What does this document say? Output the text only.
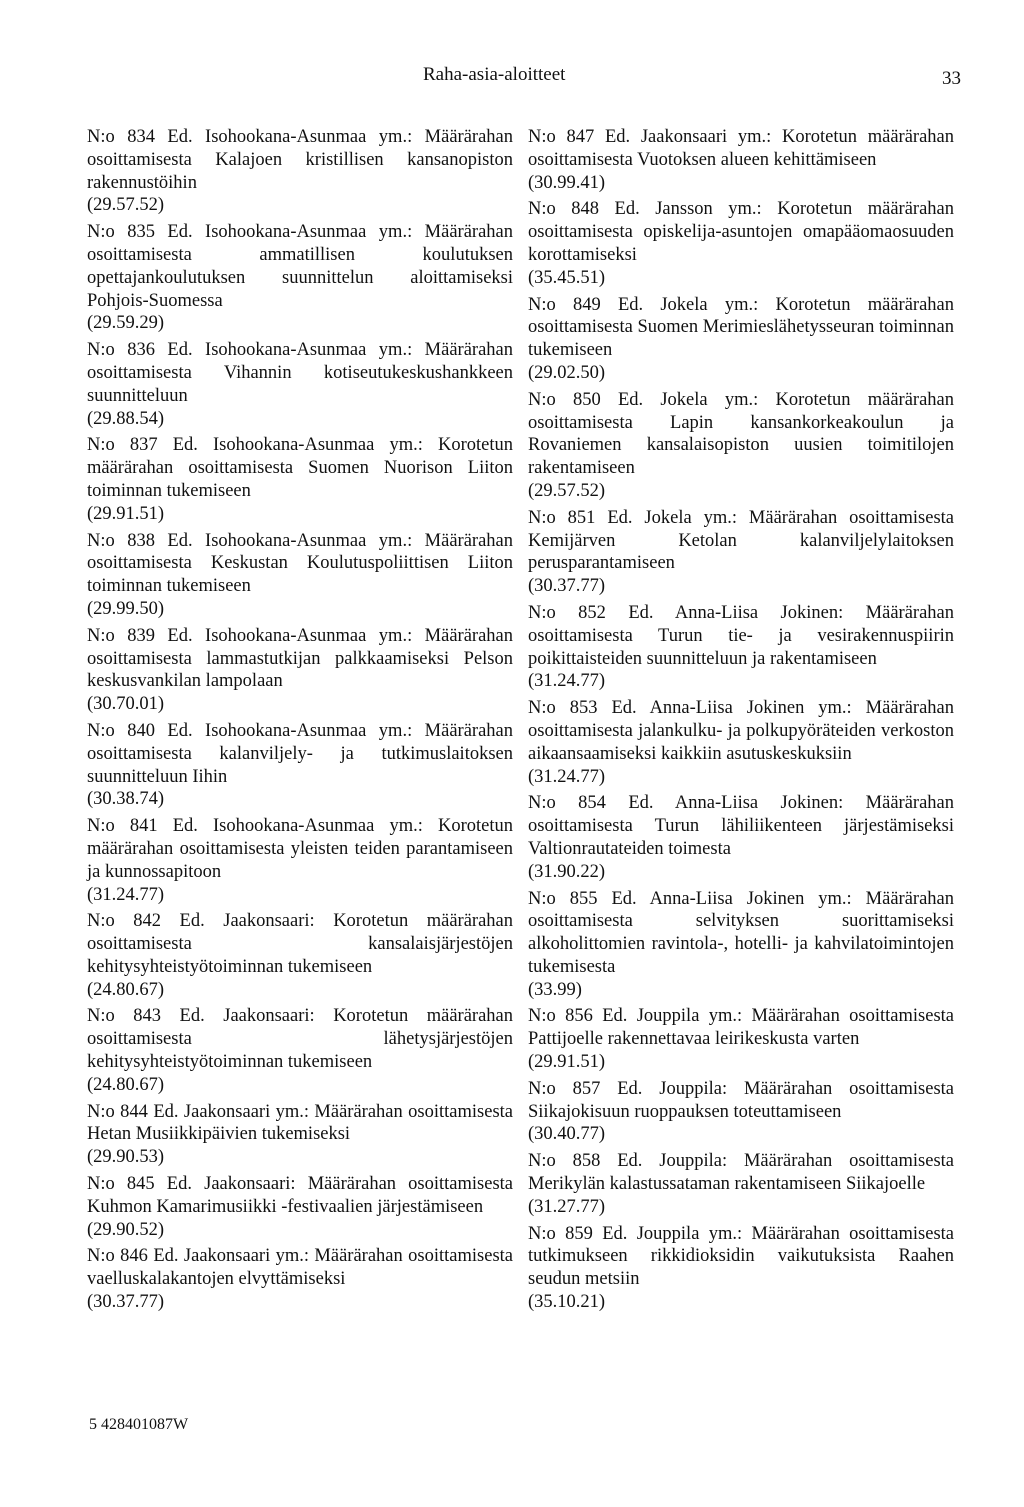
Raha-asia-aloitteet	33
N:o 834 Ed. Isohookana-Asunmaa ym.: Määrärahan osoittamisesta Kalajoen kristillisen kansanopiston rakennustöihin
(29.57.52)
N:o 835 Ed. Isohookana-Asunmaa ym.: Määrärahan osoittamisesta ammatillisen koulutuksen opettajankoulutuksen suunnittelun aloittamiseksi Pohjois-Suomessa
(29.59.29)
N:o 836 Ed. Isohookana-Asunmaa ym.: Määrärahan osoittamisesta Vihannin kotiseutukeskushankkeen suunnitteluun
(29.88.54)
N:o 837 Ed. Isohookana-Asunmaa ym.: Korotetun määrärahan osoittamisesta Suomen Nuorison Liiton toiminnan tukemiseen
(29.91.51)
N:o 838 Ed. Isohookana-Asunmaa ym.: Määrärahan osoittamisesta Keskustan Koulutuspoliittisen Liiton toiminnan tukemiseen
(29.99.50)
N:o 839 Ed. Isohookana-Asunmaa ym.: Määrärahan osoittamisesta lammastutkijan palkkaamiseksi Pelson keskusvankilan lampolaan
(30.70.01)
N:o 840 Ed. Isohookana-Asunmaa ym.: Määrärahan osoittamisesta kalanviljely- ja tutkimuslaitoksen suunnitteluun Iihin
(30.38.74)
N:o 841 Ed. Isohookana-Asunmaa ym.: Korotetun määrärahan osoittamisesta yleisten teiden parantamiseen ja kunnossapitoon
(31.24.77)
N:o 842 Ed. Jaakonsaari: Korotetun määrärahan osoittamisesta kansalaisjärjestöjen kehitysyhteistyötoiminnan tukemiseen
(24.80.67)
N:o 843 Ed. Jaakonsaari: Korotetun määrärahan osoittamisesta lähetysjärjestöjen kehitysyhteistyötoiminnan tukemiseen
(24.80.67)
N:o 844 Ed. Jaakonsaari ym.: Määrärahan osoittamisesta Hetan Musiikkipäivien tukemiseksi
(29.90.53)
N:o 845 Ed. Jaakonsaari: Määrärahan osoittamisesta Kuhmon Kamarimusiikki -festivaalien järjestämiseen
(29.90.52)
N:o 846 Ed. Jaakonsaari ym.: Määrärahan osoittamisesta vaelluskalakantojen elvyttämiseksi
(30.37.77)
N:o 847 Ed. Jaakonsaari ym.: Korotetun määrärahan osoittamisesta Vuotoksen alueen kehittämiseen
(30.99.41)
N:o 848 Ed. Jansson ym.: Korotetun määrärahan osoittamisesta opiskelija-asuntojen omapääomaosuuden korottamiseksi
(35.45.51)
N:o 849 Ed. Jokela ym.: Korotetun määrärahan osoittamisesta Suomen Merimieslähetysseuran toiminnan tukemiseen
(29.02.50)
N:o 850 Ed. Jokela ym.: Korotetun määrärahan osoittamisesta Lapin kansankorkeakoulun ja Rovaniemen kansalaisopiston uusien toimitilojen rakentamiseen
(29.57.52)
N:o 851 Ed. Jokela ym.: Määrärahan osoittamisesta Kemijärven Ketolan kalanviljelylaitoksen perusparantamiseen
(30.37.77)
N:o 852 Ed. Anna-Liisa Jokinen: Määrärahan osoittamisesta Turun tie- ja vesirakennuspiirin poikittaisteiden suunnitteluun ja rakentamiseen
(31.24.77)
N:o 853 Ed. Anna-Liisa Jokinen ym.: Määrärahan osoittamisesta jalankulku- ja polkupyöräteiden verkoston aikaansaamiseksi kaikkiin asutuskeskuksiin
(31.24.77)
N:o 854 Ed. Anna-Liisa Jokinen: Määrärahan osoittamisesta Turun lähiliikenteen järjestämiseksi Valtionrautateiden toimesta
(31.90.22)
N:o 855 Ed. Anna-Liisa Jokinen ym.: Määrärahan osoittamisesta selvityksen suorittamiseksi alkoholittomien ravintola-, hotelli- ja kahvilatoimintojen tukemisesta
(33.99)
N:o 856 Ed. Jouppila ym.: Määrärahan osoittamisesta Pattijoelle rakennettavaa leirikeskusta varten
(29.91.51)
N:o 857 Ed. Jouppila: Määrärahan osoittamisesta Siikajokisuun ruoppauksen toteuttamiseen
(30.40.77)
N:o 858 Ed. Jouppila: Määrärahan osoittamisesta Merikylän kalastussataman rakentamiseen Siikajoelle
(31.27.77)
N:o 859 Ed. Jouppila ym.: Määrärahan osoittamisesta tutkimukseen rikkidioksidin vaikutuksista Raahen seudun metsiin
(35.10.21)
5 428401087W
